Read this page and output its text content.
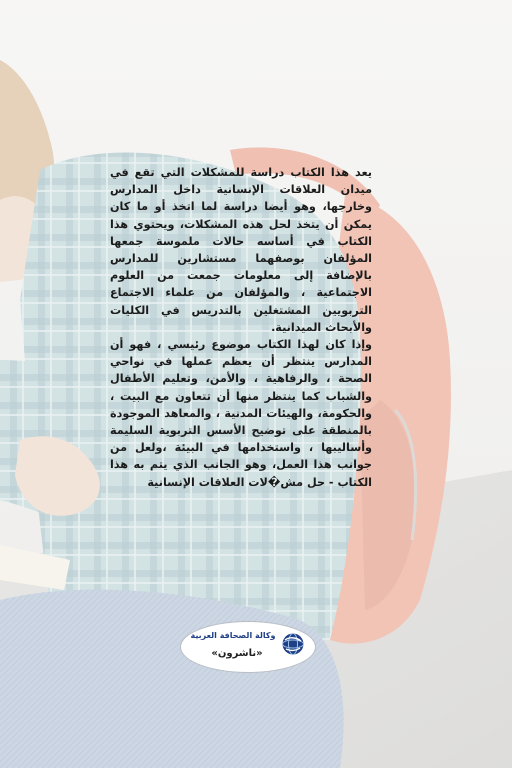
يعد هذا الكتاب دراسة للمشكلات التي تقع في ميدان العلاقات الإنسانية داخل المدارس وخارجها، وهو أيضا دراسة لما اتخذ أو ما كان يمكن أن يتخذ لحل هذه المشكلات، ويحتوي هذا الكتاب في أساسه حالات ملموسة جمعها المؤلفان بوصفهما مستشارين للمدارس بالإضافة إلى معلومات جمعت من العلوم الاجتماعية ، والمؤلفان من علماء الاجتماع التربويين المشتغلين بالتدريس في الكليات والأبحاث الميدانية.

وإذا كان لهذا الكتاب موضوع رئيسي ، فهو أن المدارس ينتظر أن يعظم عملها في نواحي الصحة ، والرفاهية ، والأمن، وتعليم الأطفال والشباب كما ينتظر منها أن تتعاون مع البيت ، والحكومة، والهيئات المدنية ، والمعاهد الموجودة بالمنطقة على توضيح الأسس التربوية السليمة وأساليبها ، واستخدامها في البيئة ،ولعل من جوانب هذا العمل، وهو الجانب الذي يتم به هذا الكتاب - حل مش�لات العلاقات الإنسانية

وكالة الصحافة العربية
«ناشرون»
